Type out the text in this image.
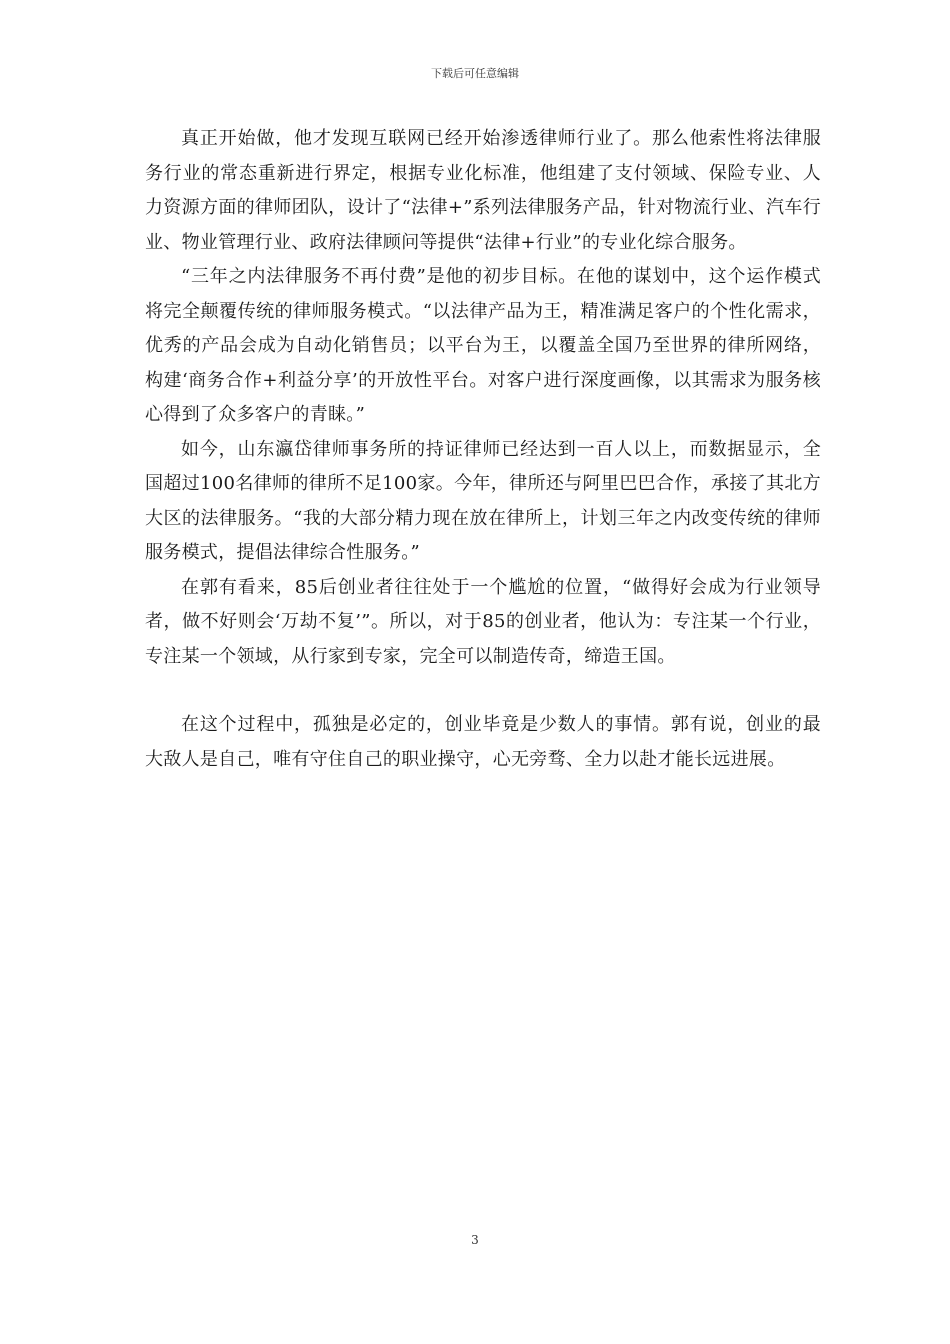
下载后可任意编辑

真正开始做，他才发现互联网已经开始渗透律师行业了。那么他索性将法律服务行业的常态重新进行界定，根据专业化标准，他组建了支付领域、保险专业、人力资源方面的律师团队，设计了“法律+”系列法律服务产品，针对物流行业、汽车行业、物业管理行业、政府法律顾问等提供“法律+行业”的专业化综合服务。

“三年之内法律服务不再付费”是他的初步目标。在他的谋划中，这个运作模式将完全颠覆传统的律师服务模式。“以法律产品为王，精准满足客户的个性化需求，优秀的产品会成为自动化销售员；以平台为王，以覆盖全国乃至世界的律所网络，构建‘商务合作+利益分享’的开放性平台。对客户进行深度画像，以其需求为服务核心得到了众多客户的青睐。”

如今，山东瀛岱律师事务所的持证律师已经达到一百人以上，而数据显示，全国超过100名律师的律所不足100家。今年，律所还与阿里巴巴合作，承接了其北方大区的法律服务。“我的大部分精力现在放在律所上，计划三年之内改变传统的律师服务模式，提倡法律综合性服务。”

在郭有看来，85后创业者往往处于一个尴尬的位置，“做得好会成为行业领导者，做不好则会‘万劫不复’”。所以，对于85的创业者，他认为：专注某一个行业，专注某一个领域，从行家到专家，完全可以制造传奇，缔造王国。

在这个过程中，孤独是必定的，创业毕竟是少数人的事情。郭有说，创业的最大敌人是自己，唯有守住自己的职业操守，心无旁骛、全力以赴才能长远进展。

3
